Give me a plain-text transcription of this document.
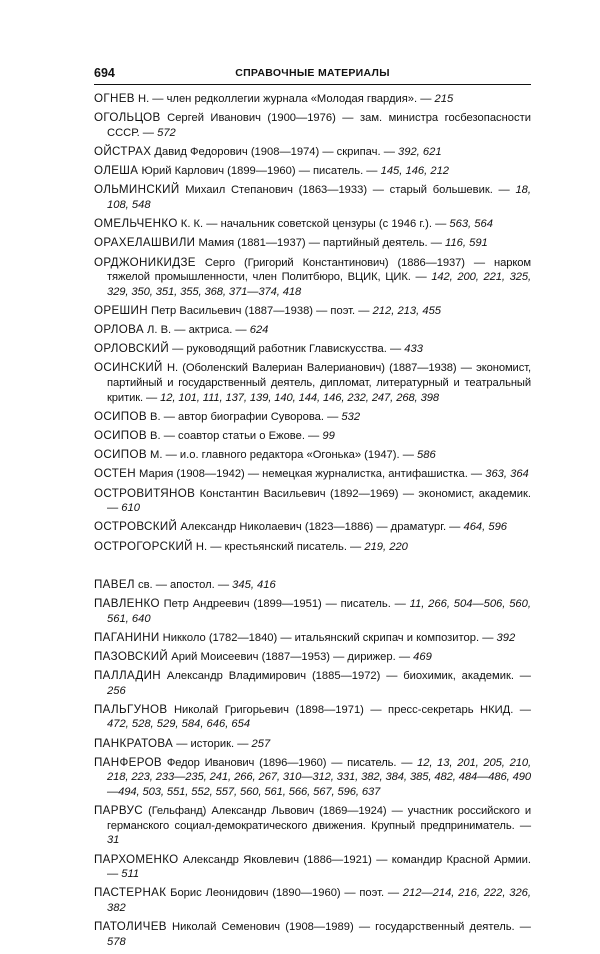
694	СПРАВОЧНЫЕ МАТЕРИАЛЫ

ОГНЕВ Н. — член редколлегии журнала «Молодая гвардия». — 215

ОГОЛЬЦОВ Сергей Иванович (1900—1976) — зам. министра госбезопасности СССР. — 572

ОЙСТРАХ Давид Федорович (1908—1974) — скрипач. — 392, 621

ОЛЕША Юрий Карлович (1899—1960) — писатель. — 145, 146, 212

ОЛЬМИНСКИЙ Михаил Степанович (1863—1933) — старый большевик. — 18, 108, 548

ОМЕЛЬЧЕНКО К. К. — начальник советской цензуры (с 1946 г.). — 563, 564

ОРАХЕЛАШВИЛИ Мамия (1881—1937) — партийный деятель. — 116, 591

ОРДЖОНИКИДЗЕ Серго (Григорий Константинович) (1886—1937) — нарком тяжелой промышленности, член Политбюро, ВЦИК, ЦИК. — 142, 200, 221, 325, 329, 350, 351, 355, 368, 371—374, 418

ОРЕШИН Петр Васильевич (1887—1938) — поэт. — 212, 213, 455

ОРЛОВА Л. В. — актриса. — 624

ОРЛОВСКИЙ — руководящий работник Главискусства. — 433

ОСИНСКИЙ Н. (Оболенский Валериан Валерианович) (1887—1938) — экономист, партийный и государственный деятель, дипломат, литературный и театральный критик. — 12, 101, 111, 137, 139, 140, 144, 146, 232, 247, 268, 398

ОСИПОВ В. — автор биографии Суворова. — 532

ОСИПОВ В. — соавтор статьи о Ежове. — 99

ОСИПОВ М. — и.о. главного редактора «Огонька» (1947). — 586

ОСТЕН Мария (1908—1942) — немецкая журналистка, антифашистка. — 363, 364

ОСТРОВИТЯНОВ Константин Васильевич (1892—1969) — экономист, академик. — 610

ОСТРОВСКИЙ Александр Николаевич (1823—1886) — драматург. — 464, 596

ОСТРОГОРСКИЙ Н. — крестьянский писатель. — 219, 220

ПАВЕЛ св. — апостол. — 345, 416

ПАВЛЕНКО Петр Андреевич (1899—1951) — писатель. — 11, 266, 504—506, 560, 561, 640

ПАГАНИНИ Никколо (1782—1840) — итальянский скрипач и композитор. — 392

ПАЗОВСКИЙ Арий Моисеевич (1887—1953) — дирижер. — 469

ПАЛЛАДИН Александр Владимирович (1885—1972) — биохимик, академик. — 256

ПАЛЬГУНОВ Николай Григорьевич (1898—1971) — пресс-секретарь НКИД. — 472, 528, 529, 584, 646, 654

ПАНКРАТОВА — историк. — 257

ПАНФЕРОВ Федор Иванович (1896—1960) — писатель. — 12, 13, 201, 205, 210, 218, 223, 233—235, 241, 266, 267, 310—312, 331, 382, 384, 385, 482, 484—486, 490—494, 503, 551, 552, 557, 560, 561, 566, 567, 596, 637

ПАРВУС (Гельфанд) Александр Львович (1869—1924) — участник российского и германского социал-демократического движения. Крупный предприниматель. — 31

ПАРХОМЕНКО Александр Яковлевич (1886—1921) — командир Красной Армии. — 511

ПАСТЕРНАК Борис Леонидович (1890—1960) — поэт. — 212—214, 216, 222, 326, 382

ПАТОЛИЧЕВ Николай Семенович (1908—1989) — государственный деятель. — 578
